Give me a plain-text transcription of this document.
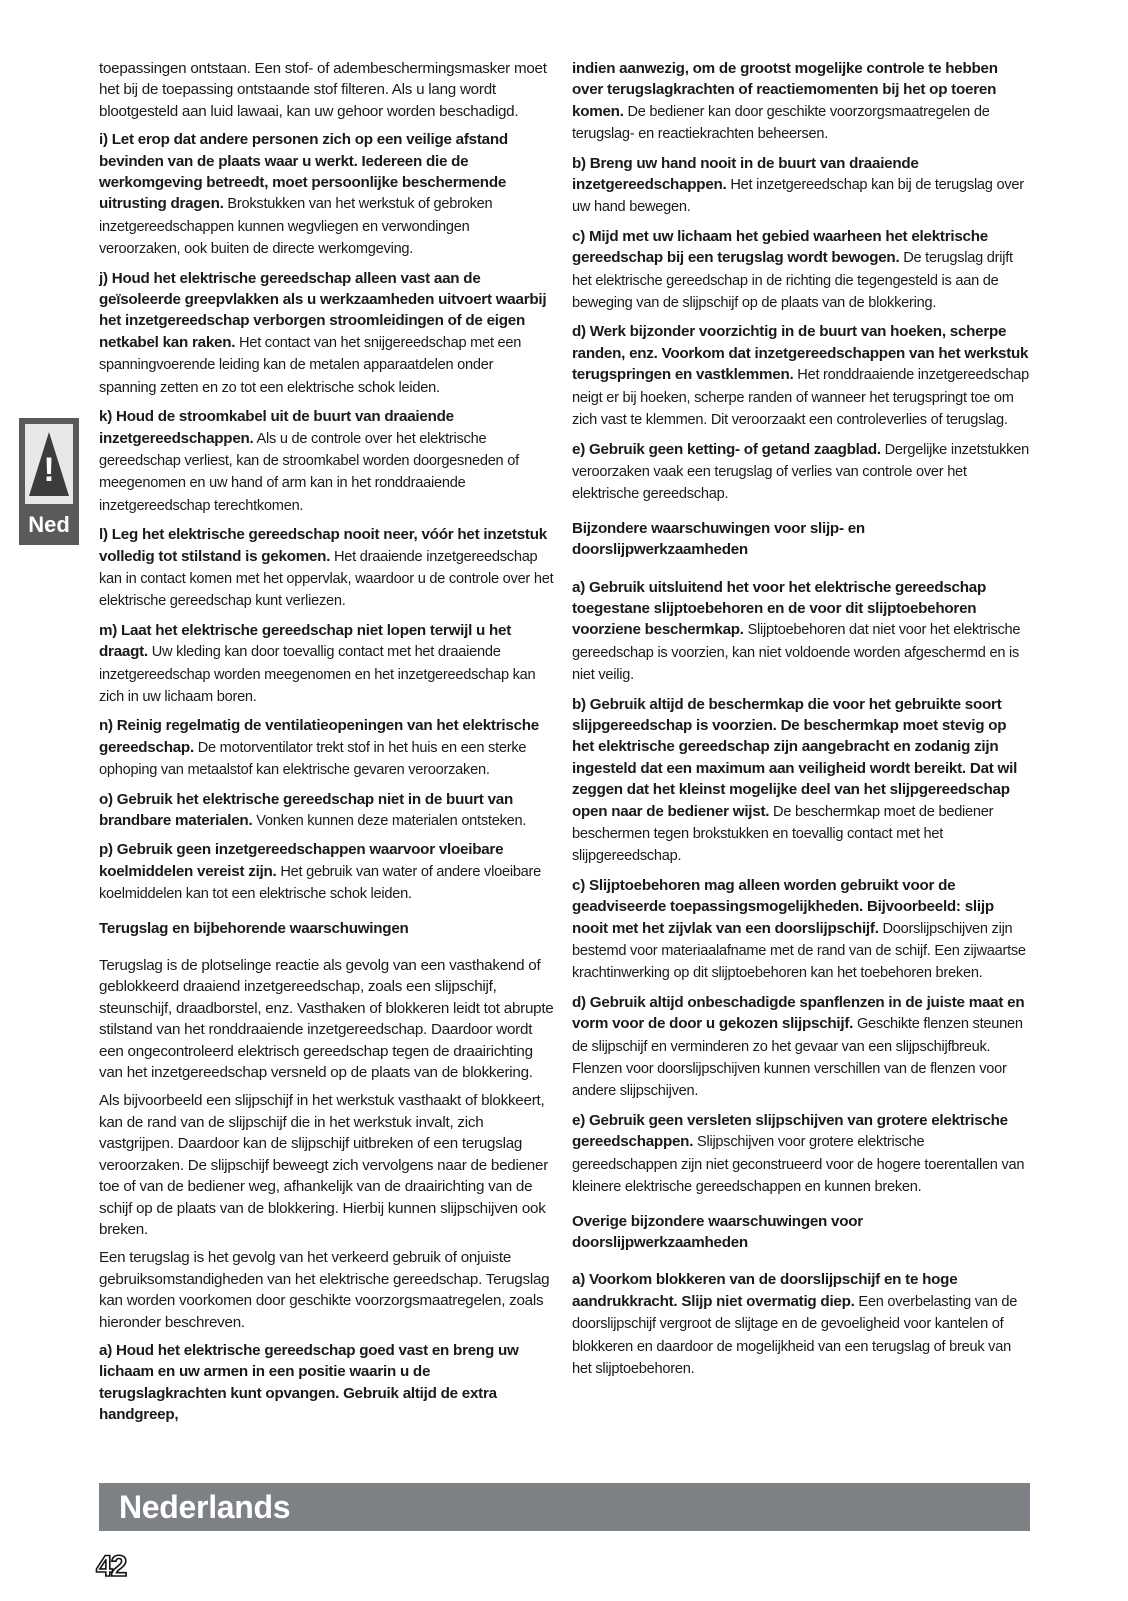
!
Ned
toepassingen ontstaan. Een stof- of adembeschermingsmasker moet het bij de toepassing ontstaande stof filteren. Als u lang wordt blootgesteld aan luid lawaai, kan uw gehoor worden beschadigd.
i) Let erop dat andere personen zich op een veilige afstand bevinden van de plaats waar u werkt. Iedereen die de werkomgeving betreedt, moet persoonlijke beschermende uitrusting dragen. Brokstukken van het werkstuk of gebroken inzetgereedschappen kunnen wegvliegen en verwondingen veroorzaken, ook buiten de directe werkomgeving.
j) Houd het elektrische gereedschap alleen vast aan de geïsoleerde greepvlakken als u werkzaamheden uitvoert waarbij het inzetgereedschap verborgen stroomleidingen of de eigen netkabel kan raken. Het contact van het snijgereedschap met een spanningvoerende leiding kan de metalen apparaatdelen onder spanning zetten en zo tot een elektrische schok leiden.
k) Houd de stroomkabel uit de buurt van draaiende inzetgereedschappen. Als u de controle over het elektrische gereedschap verliest, kan de stroomkabel worden doorgesneden of meegenomen en uw hand of arm kan in het ronddraaiende inzetgereedschap terechtkomen.
l) Leg het elektrische gereedschap nooit neer, vóór het inzetstuk volledig tot stilstand is gekomen. Het draaiende inzetgereedschap kan in contact komen met het oppervlak, waardoor u de controle over het elektrische gereedschap kunt verliezen.
m) Laat het elektrische gereedschap niet lopen terwijl u het draagt. Uw kleding kan door toevallig contact met het draaiende inzetgereedschap worden meegenomen en het inzetgereedschap kan zich in uw lichaam boren.
n) Reinig regelmatig de ventilatieopeningen van het elektrische gereedschap. De motorventilator trekt stof in het huis en een sterke ophoping van metaalstof kan elektrische gevaren veroorzaken.
o) Gebruik het elektrische gereedschap niet in de buurt van brandbare materialen. Vonken kunnen deze materialen ontsteken.
p) Gebruik geen inzetgereedschappen waarvoor vloeibare koelmiddelen vereist zijn. Het gebruik van water of andere vloeibare koelmiddelen kan tot een elektrische schok leiden.
Terugslag en bijbehorende waarschuwingen
Terugslag is de plotselinge reactie als gevolg van een vasthakend of geblokkeerd draaiend inzetgereedschap, zoals een slijpschijf, steunschijf, draadborstel, enz. Vasthaken of blokkeren leidt tot abrupte stilstand van het ronddraaiende inzetgereedschap. Daardoor wordt een ongecontroleerd elektrisch gereedschap tegen de draairichting van het inzetgereedschap versneld op de plaats van de blokkering.
Als bijvoorbeeld een slijpschijf in het werkstuk vasthaakt of blokkeert, kan de rand van de slijpschijf die in het werkstuk invalt, zich vastgrijpen. Daardoor kan de slijpschijf uitbreken of een terugslag veroorzaken. De slijpschijf beweegt zich vervolgens naar de bediener toe of van de bediener weg, afhankelijk van de draairichting van de schijf op de plaats van de blokkering. Hierbij kunnen slijpschijven ook breken.
Een terugslag is het gevolg van het verkeerd gebruik of onjuiste gebruiksomstandigheden van het elektrische gereedschap. Terugslag kan worden voorkomen door geschikte voorzorgsmaatregelen, zoals hieronder beschreven.
a) Houd het elektrische gereedschap goed vast en breng uw lichaam en uw armen in een positie waarin u de terugslagkrachten kunt opvangen. Gebruik altijd de extra handgreep,
indien aanwezig, om de grootst mogelijke controle te hebben over terugslagkrachten of reactiemomenten bij het op toeren komen. De bediener kan door geschikte voorzorgsmaatregelen de terugslag- en reactiekrachten beheersen.
b) Breng uw hand nooit in de buurt van draaiende inzetgereedschappen. Het inzetgereedschap kan bij de terugslag over uw hand bewegen.
c) Mijd met uw lichaam het gebied waarheen het elektrische gereedschap bij een terugslag wordt bewogen. De terugslag drijft het elektrische gereedschap in de richting die tegengesteld is aan de beweging van de slijpschijf op de plaats van de blokkering.
d) Werk bijzonder voorzichtig in de buurt van hoeken, scherpe randen, enz. Voorkom dat inzetgereedschappen van het werkstuk terugspringen en vastklemmen. Het ronddraaiende inzetgereedschap neigt er bij hoeken, scherpe randen of wanneer het terugspringt toe om zich vast te klemmen. Dit veroorzaakt een controleverlies of terugslag.
e) Gebruik geen ketting- of getand zaagblad. Dergelijke inzetstukken veroorzaken vaak een terugslag of verlies van controle over het elektrische gereedschap.
Bijzondere waarschuwingen voor slijp- en doorslijpwerkzaamheden
a) Gebruik uitsluitend het voor het elektrische gereedschap toegestane slijptoebehoren en de voor dit slijptoebehoren voorziene beschermkap. Slijptoebehoren dat niet voor het elektrische gereedschap is voorzien, kan niet voldoende worden afgeschermd en is niet veilig.
b) Gebruik altijd de beschermkap die voor het gebruikte soort slijpgereedschap is voorzien. De beschermkap moet stevig op het elektrische gereedschap zijn aangebracht en zodanig zijn ingesteld dat een maximum aan veiligheid wordt bereikt. Dat wil zeggen dat het kleinst mogelijke deel van het slijpgereedschap open naar de bediener wijst. De beschermkap moet de bediener beschermen tegen brokstukken en toevallig contact met het slijpgereedschap.
c) Slijptoebehoren mag alleen worden gebruikt voor de geadviseerde toepassingsmogelijkheden. Bijvoorbeeld: slijp nooit met het zijvlak van een doorslijpschijf. Doorslijpschijven zijn bestemd voor materiaalafname met de rand van de schijf. Een zijwaartse krachtinwerking op dit slijptoebehoren kan het toebehoren breken.
d) Gebruik altijd onbeschadigde spanflenzen in de juiste maat en vorm voor de door u gekozen slijpschijf. Geschikte flenzen steunen de slijpschijf en verminderen zo het gevaar van een slijpschijfbreuk. Flenzen voor doorslijpschijven kunnen verschillen van de flenzen voor andere slijpschijven.
e) Gebruik geen versleten slijpschijven van grotere elektrische gereedschappen. Slijpschijven voor grotere elektrische gereedschappen zijn niet geconstrueerd voor de hogere toerentallen van kleinere elektrische gereedschappen en kunnen breken.
Overige bijzondere waarschuwingen voor doorslijpwerkzaamheden
a) Voorkom blokkeren van de doorslijpschijf en te hoge aandrukkracht. Slijp niet overmatig diep. Een overbelasting van de doorslijpschijf vergroot de slijtage en de gevoeligheid voor kantelen of blokkeren en daardoor de mogelijkheid van een terugslag of breuk van het slijptoebehoren.
Nederlands
42
